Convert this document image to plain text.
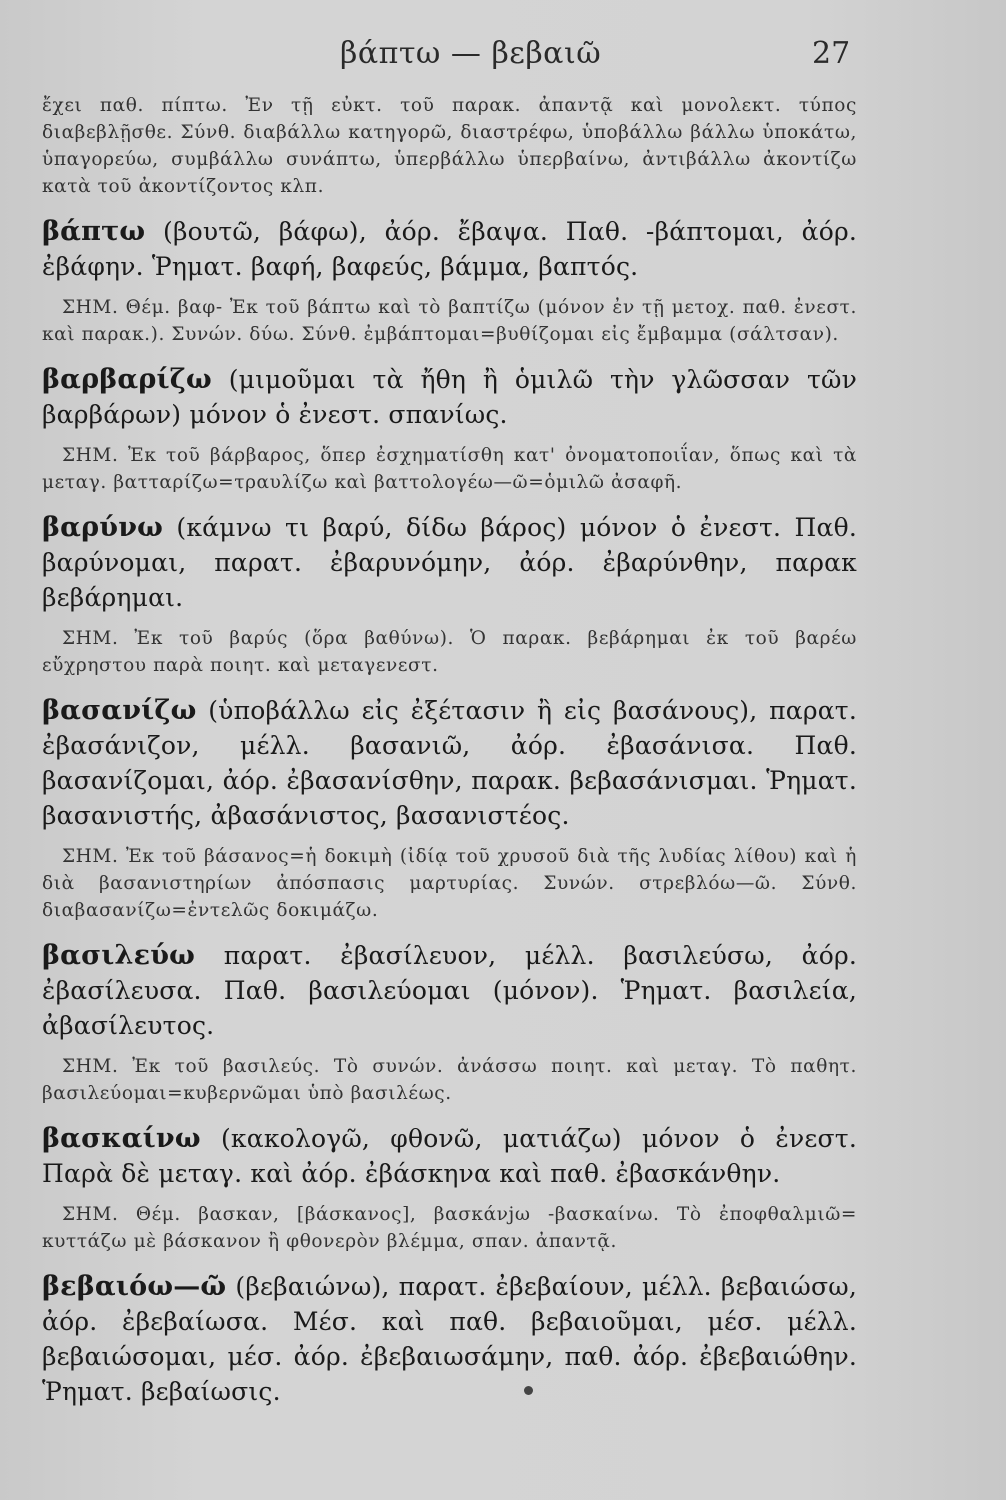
βάπτω — βεβαιῶ	27

ἔχει παθ. πίπτω. Ἐν τῇ εὐκτ. τοῦ παρακ. ἀπαντᾷ καὶ μονολεκτ. τύπος διαβεβλῇσθε. Σύνθ. διαβάλλω κατηγορῶ, διαστρέφω, ὑποβάλλω βάλλω ὑποκάτω, ὑπαγορεύω, συμβάλλω συνάπτω, ὑπερβάλλω ὑπερβαίνω, ἀντιβάλλω ἀκοντίζω κατὰ τοῦ ἀκοντίζοντος κλπ.

βάπτω (βουτῶ, βάφω), ἀόρ. ἔβαψα. Παθ. -βάπτομαι, ἀόρ. ἐβάφην. Ῥηματ. βαφή, βαφεύς, βάμμα, βαπτός.

ΣΗΜ. Θέμ. βαφ- Ἐκ τοῦ βάπτω καὶ τὸ βαπτίζω (μόνον ἐν τῇ μετοχ. παθ. ἐνεστ. καὶ παρακ.). Συνών. δύω. Σύνθ. ἐμβάπτομαι=βυθίζομαι εἰς ἔμβαμμα (σάλτσαν).

βαρβαρίζω (μιμοῦμαι τὰ ἤθη ἢ ὁμιλῶ τὴν γλῶσσαν τῶν βαρβάρων) μόνον ὁ ἐνεστ. σπανίως.

ΣΗΜ. Ἐκ τοῦ βάρβαρος, ὅπερ ἐσχηματίσθη κατ' ὀνοματοποιΐαν, ὅπως καὶ τὰ μεταγ. βατταρίζω=τραυλίζω καὶ βαττολογέω—ῶ=ὁμιλῶ ἀσαφῆ.

βαρύνω (κάμνω τι βαρύ, δίδω βάρος) μόνον ὁ ἐνεστ. Παθ. βαρύνομαι, παρατ. ἐβαρυνόμην, ἀόρ. ἐβαρύνθην, παρακ βεβάρημαι.

ΣΗΜ. Ἐκ τοῦ βαρύς (ὅρα βαθύνω). Ὁ παρακ. βεβάρημαι ἐκ τοῦ βαρέω εὔχρηστου παρὰ ποιητ. καὶ μεταγενεστ.

βασανίζω (ὑποβάλλω εἰς ἐξέτασιν ἢ εἰς βασάνους), παρατ. ἐβασάνιζον, μέλλ. βασανιῶ, ἀόρ. ἐβασάνισα. Παθ. βασανίζομαι, ἀόρ. ἐβασανίσθην, παρακ. βεβασάνισμαι. Ῥηματ. βασανιστής, ἀβασάνιστος, βασανιστέος.

ΣΗΜ. Ἐκ τοῦ βάσανος=ἡ δοκιμὴ (ἰδίᾳ τοῦ χρυσοῦ διὰ τῆς λυδίας λίθου) καὶ ἡ διὰ βασανιστηρίων ἀπόσπασις μαρτυρίας. Συνών. στρεβλόω—ῶ. Σύνθ. διαβασανίζω=ἐντελῶς δοκιμάζω.

βασιλεύω παρατ. ἐβασίλευον, μέλλ. βασιλεύσω, ἀόρ. ἐβασίλευσα. Παθ. βασιλεύομαι (μόνον). Ῥηματ. βασιλεία, ἀβασίλευτος.

ΣΗΜ. Ἐκ τοῦ βασιλεύς. Τὸ συνών. ἀνάσσω ποιητ. καὶ μεταγ. Τὸ παθητ. βασιλεύομαι=κυβερνῶμαι ὑπὸ βασιλέως.

βασκαίνω (κακολογῶ, φθονῶ, ματιάζω) μόνον ὁ ἐνεστ. Παρὰ δὲ μεταγ. καὶ ἀόρ. ἐβάσκηνα καὶ παθ. ἐβασκάνθην.

ΣΗΜ. Θέμ. βασκαν, [βάσκανος], βασκάνjω -βασκαίνω. Τὸ ἐποφθαλμιῶ= κυττάζω μὲ βάσκανον ἢ φθονερὸν βλέμμα, σπαν. ἀπαντᾷ.

βεβαιόω—ῶ (βεβαιώνω), παρατ. ἐβεβαίουν, μέλλ. βεβαιώσω, ἀόρ. ἐβεβαίωσα. Μέσ. καὶ παθ. βεβαιοῦμαι, μέσ. μέλλ. βεβαιώσομαι, μέσ. ἀόρ. ἐβεβαιωσάμην, παθ. ἀόρ. ἐβεβαιώθην. Ῥηματ. βεβαίωσις.
